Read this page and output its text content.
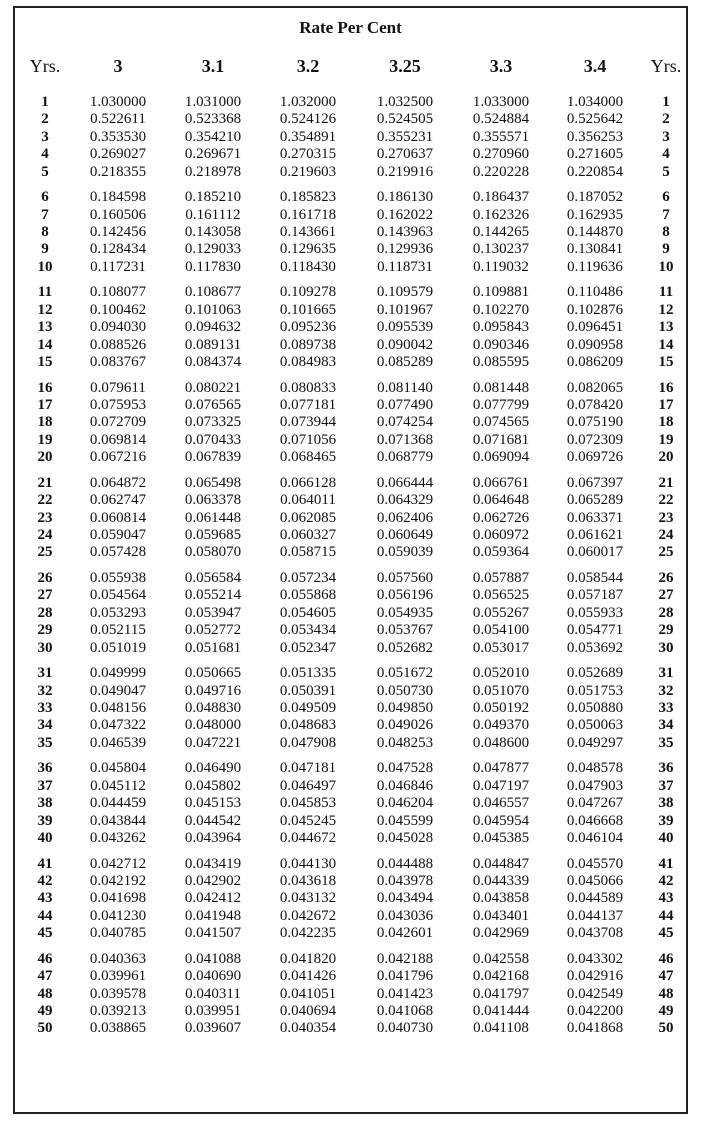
Rate Per Cent
Yrs.	3	3.1	3.2	3.25	3.3	3.4	Yrs.
1	1.030000	1.031000	1.032000	1.032500	1.033000	1.034000	1
2	0.522611	0.523368	0.524126	0.524505	0.524884	0.525642	2
3	0.353530	0.354210	0.354891	0.355231	0.355571	0.356253	3
4	0.269027	0.269671	0.270315	0.270637	0.270960	0.271605	4
5	0.218355	0.218978	0.219603	0.219916	0.220228	0.220854	5
6	0.184598	0.185210	0.185823	0.186130	0.186437	0.187052	6
7	0.160506	0.161112	0.161718	0.162022	0.162326	0.162935	7
8	0.142456	0.143058	0.143661	0.143963	0.144265	0.144870	8
9	0.128434	0.129033	0.129635	0.129936	0.130237	0.130841	9
10	0.117231	0.117830	0.118430	0.118731	0.119032	0.119636	10
11	0.108077	0.108677	0.109278	0.109579	0.109881	0.110486	11
12	0.100462	0.101063	0.101665	0.101967	0.102270	0.102876	12
13	0.094030	0.094632	0.095236	0.095539	0.095843	0.096451	13
14	0.088526	0.089131	0.089738	0.090042	0.090346	0.090958	14
15	0.083767	0.084374	0.084983	0.085289	0.085595	0.086209	15
16	0.079611	0.080221	0.080833	0.081140	0.081448	0.082065	16
17	0.075953	0.076565	0.077181	0.077490	0.077799	0.078420	17
18	0.072709	0.073325	0.073944	0.074254	0.074565	0.075190	18
19	0.069814	0.070433	0.071056	0.071368	0.071681	0.072309	19
20	0.067216	0.067839	0.068465	0.068779	0.069094	0.069726	20
21	0.064872	0.065498	0.066128	0.066444	0.066761	0.067397	21
22	0.062747	0.063378	0.064011	0.064329	0.064648	0.065289	22
23	0.060814	0.061448	0.062085	0.062406	0.062726	0.063371	23
24	0.059047	0.059685	0.060327	0.060649	0.060972	0.061621	24
25	0.057428	0.058070	0.058715	0.059039	0.059364	0.060017	25
26	0.055938	0.056584	0.057234	0.057560	0.057887	0.058544	26
27	0.054564	0.055214	0.055868	0.056196	0.056525	0.057187	27
28	0.053293	0.053947	0.054605	0.054935	0.055267	0.055933	28
29	0.052115	0.052772	0.053434	0.053767	0.054100	0.054771	29
30	0.051019	0.051681	0.052347	0.052682	0.053017	0.053692	30
31	0.049999	0.050665	0.051335	0.051672	0.052010	0.052689	31
32	0.049047	0.049716	0.050391	0.050730	0.051070	0.051753	32
33	0.048156	0.048830	0.049509	0.049850	0.050192	0.050880	33
34	0.047322	0.048000	0.048683	0.049026	0.049370	0.050063	34
35	0.046539	0.047221	0.047908	0.048253	0.048600	0.049297	35
36	0.045804	0.046490	0.047181	0.047528	0.047877	0.048578	36
37	0.045112	0.045802	0.046497	0.046846	0.047197	0.047903	37
38	0.044459	0.045153	0.045853	0.046204	0.046557	0.047267	38
39	0.043844	0.044542	0.045245	0.045599	0.045954	0.046668	39
40	0.043262	0.043964	0.044672	0.045028	0.045385	0.046104	40
41	0.042712	0.043419	0.044130	0.044488	0.044847	0.045570	41
42	0.042192	0.042902	0.043618	0.043978	0.044339	0.045066	42
43	0.041698	0.042412	0.043132	0.043494	0.043858	0.044589	43
44	0.041230	0.041948	0.042672	0.043036	0.043401	0.044137	44
45	0.040785	0.041507	0.042235	0.042601	0.042969	0.043708	45
46	0.040363	0.041088	0.041820	0.042188	0.042558	0.043302	46
47	0.039961	0.040690	0.041426	0.041796	0.042168	0.042916	47
48	0.039578	0.040311	0.041051	0.041423	0.041797	0.042549	48
49	0.039213	0.039951	0.040694	0.041068	0.041444	0.042200	49
50	0.038865	0.039607	0.040354	0.040730	0.041108	0.041868	50
